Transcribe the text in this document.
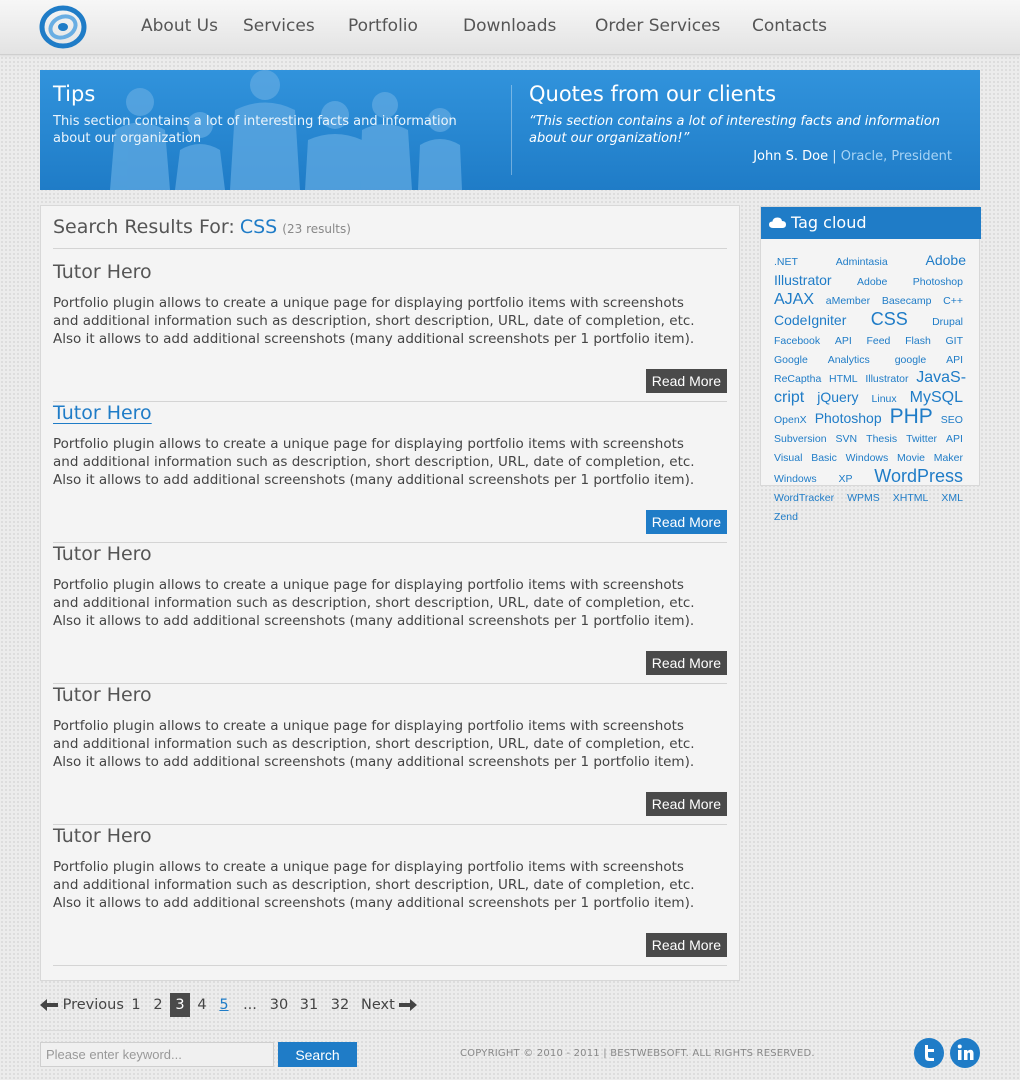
About Us Services Portfolio	Downloads Order Services Contacts
Tips
This section contains a lot of interesting facts and information about our organization
Quotes from our clients
“This section contains a lot of interesting facts and information about our organization!”
John S. Doe | Oracle, President
Search Results For: CSS (23 results)
Tutor Hero
Portfolio plugin allows to create a unique page for displaying portfolio items with screenshots and additional information such as description, short description, URL, date of completion, etc. Also it allows to add additional screenshots (many additional screenshots per 1 portfolio item).
Read More
Tutor Hero
Portfolio plugin allows to create a unique page for displaying portfolio items with screenshots and additional information such as description, short description, URL, date of completion, etc. Also it allows to add additional screenshots (many additional screenshots per 1 portfolio item).
Read More
Tutor Hero
Portfolio plugin allows to create a unique page for displaying portfolio items with screenshots and additional information such as description, short description, URL, date of completion, etc. Also it allows to add additional screenshots (many additional screenshots per 1 portfolio item).
Read More
Tutor Hero
Portfolio plugin allows to create a unique page for displaying portfolio items with screenshots and additional information such as description, short description, URL, date of completion, etc. Also it allows to add additional screenshots (many additional screenshots per 1 portfolio item).
Read More
Tutor Hero
Portfolio plugin allows to create a unique page for displaying portfolio items with screenshots and additional information such as description, short description, URL, date of completion, etc. Also it allows to add additional screenshots (many additional screenshots per 1 portfolio item).
Read More
Tag cloud
.NET	Admintasia	Adobe Illustrator Adobe Photoshop AJAX aMember Basecamp C++ CodeIgniter CSS Drupal Facebook API Feed Flash GIT Google Analytics google API ReCaptha HTML Illustrator JavaS-cript jQuery Linux MySQL OpenX Photoshop PHP SEO Subversion SVN Thesis Twitter API Visual Basic Windows Movie Maker Windows XP WordPress WordTracker WPMS XHTML XML Zend
Previous 1 2 3 4 5 ... 30 31 32 Next
Please enter keyword...
Search	COPYRIGHT © 2010 - 2011 | BESTWEBSOFT. ALL RIGHTS RESERVED.
